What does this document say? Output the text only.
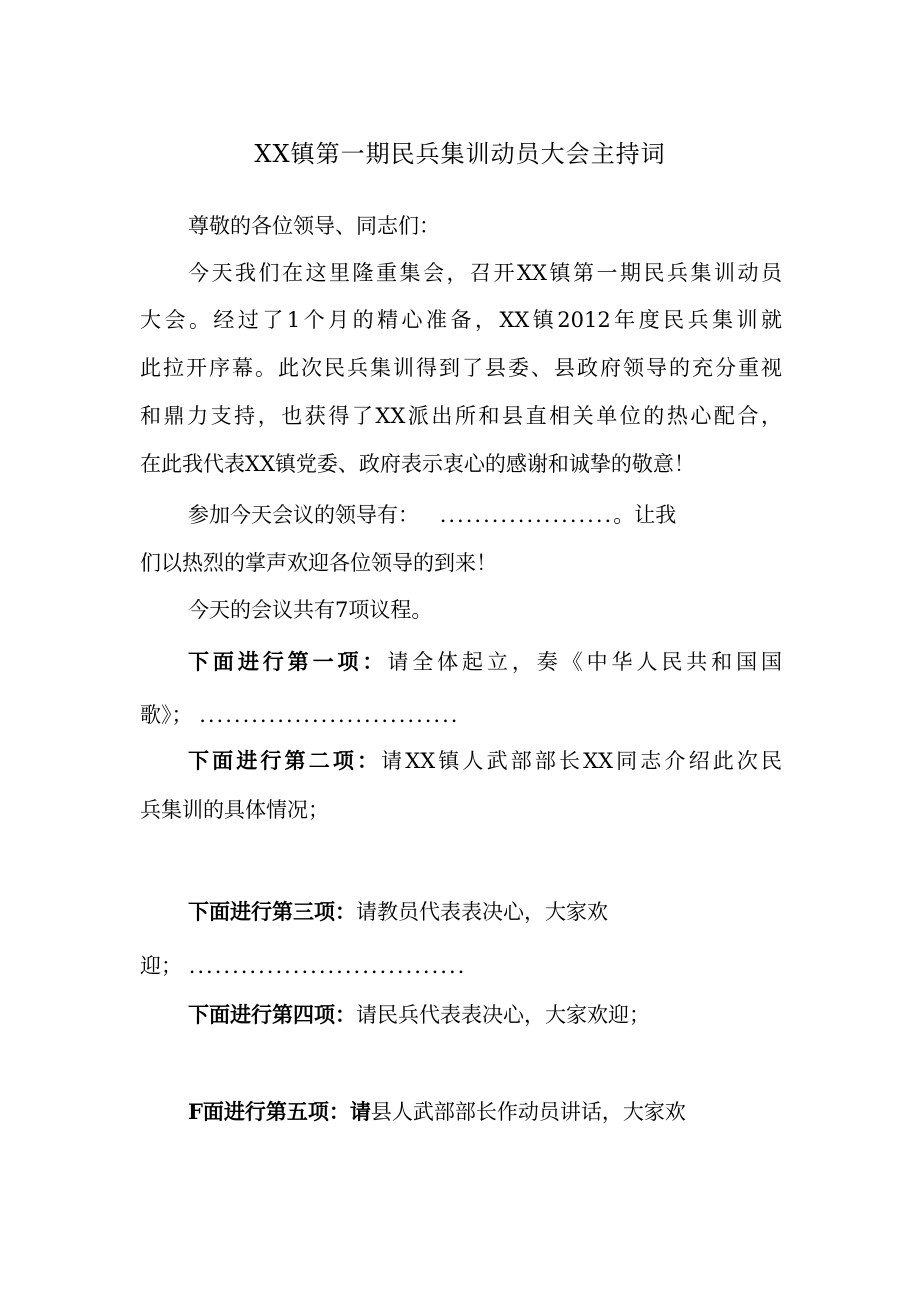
XX镇第一期民兵集训动员大会主持词
尊敬的各位领导、同志们：
今天我们在这里隆重集会，召开XX镇第一期民兵集训动员
大会。经过了1个月的精心准备，XX镇2012年度民兵集训就
此拉开序幕。此次民兵集训得到了县委、县政府领导的充分重视
和鼎力支持，也获得了XX派出所和县直相关单位的热心配合，
在此我代表XX镇党委、政府表示衷心的感谢和诚挚的敬意！
参加今天会议的领导有： ....................。让我
们以热烈的掌声欢迎各位领导的到来！
今天的会议共有7项议程。
下面进行第一项：请全体起立，奏《中华人民共和国国
歌》； ..............................
下面进行第二项：请XX镇人武部部长XX同志介绍此次民
兵集训的具体情况；
下面进行第三项：请教员代表表决心，大家欢
迎； ................................
下面进行第四项：请民兵代表表决心，大家欢迎；
F面进行第五项：请县人武部部长作动员讲话，大家欢
